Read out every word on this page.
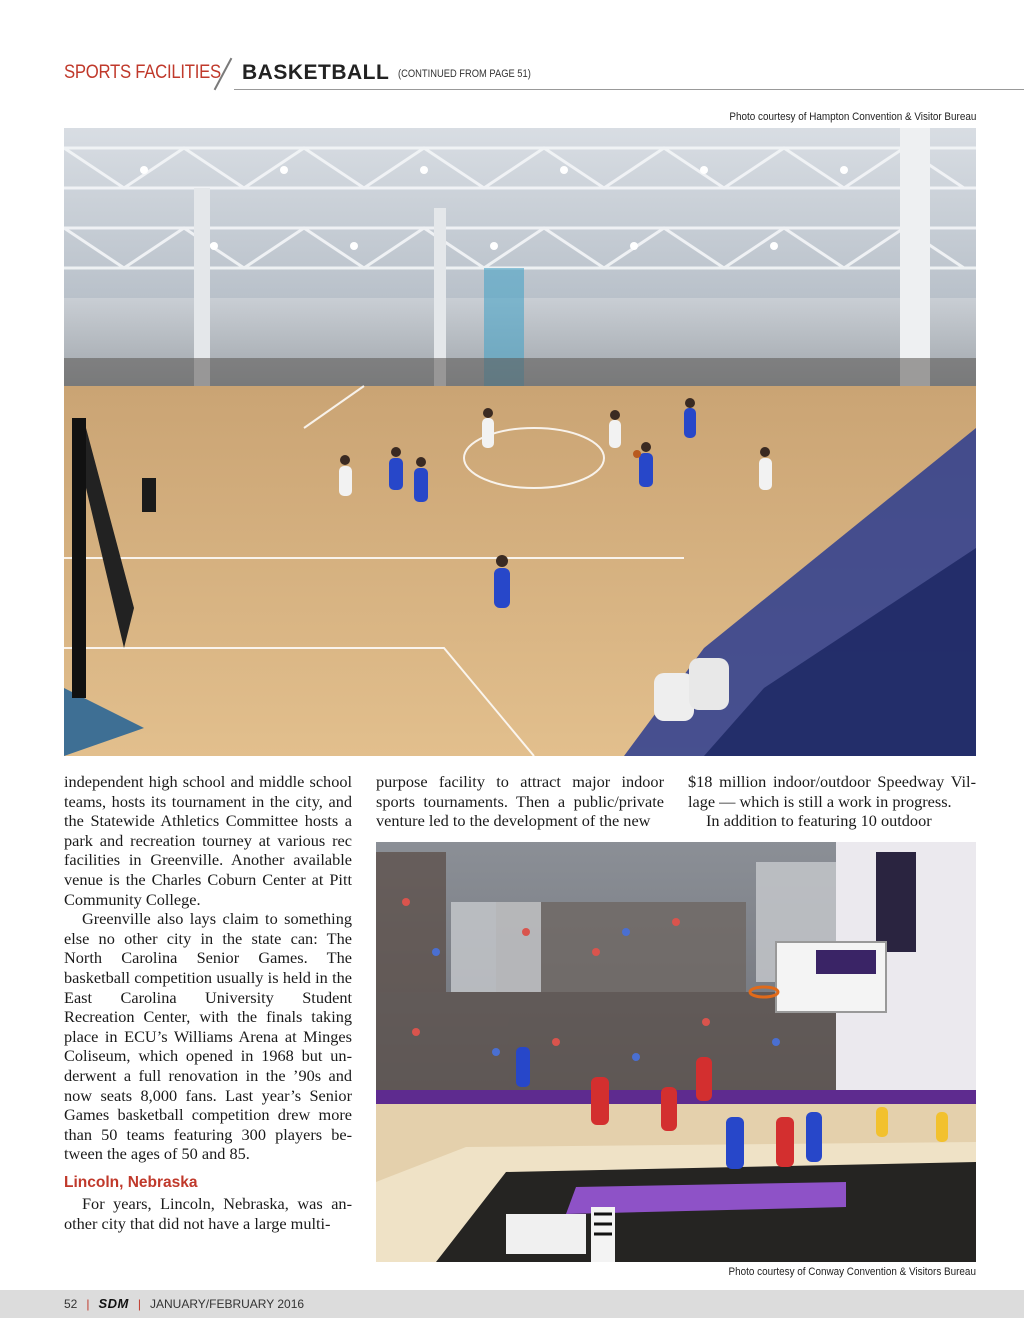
SPORTS FACILITIES BASKETBALL (CONTINUED FROM PAGE 51)
Photo courtesy of Hampton Convention & Visitor Bureau

independent high school and middle school teams, hosts its tournament in the city, and the Statewide Athletics Committee hosts a park and recreation tourney at various rec facilities in Greenville. Another available venue is the Charles Coburn Center at Pitt Community College.

Greenville also lays claim to something else no other city in the state can: The North Carolina Senior Games. The basketball competition usually is held in the East Carolina University Student Recreation Center, with the finals taking place in ECU’s Williams Arena at Minges Coliseum, which opened in 1968 but underwent a full renovation in the ’90s and now seats 8,000 fans. Last year’s Senior Games basketball competition drew more than 50 teams featuring 300 players between the ages of 50 and 85.

Lincoln, Nebraska

For years, Lincoln, Nebraska, was another city that did not have a large multi-

purpose facility to attract major indoor sports tournaments. Then a public/private venture led to the development of the new

$18 million indoor/outdoor Speedway Village — which is still a work in progress.

In addition to featuring 10 outdoor

Photo courtesy of Conway Convention & Visitors Bureau
52 | SDM | JANUARY/FEBRUARY 2016
